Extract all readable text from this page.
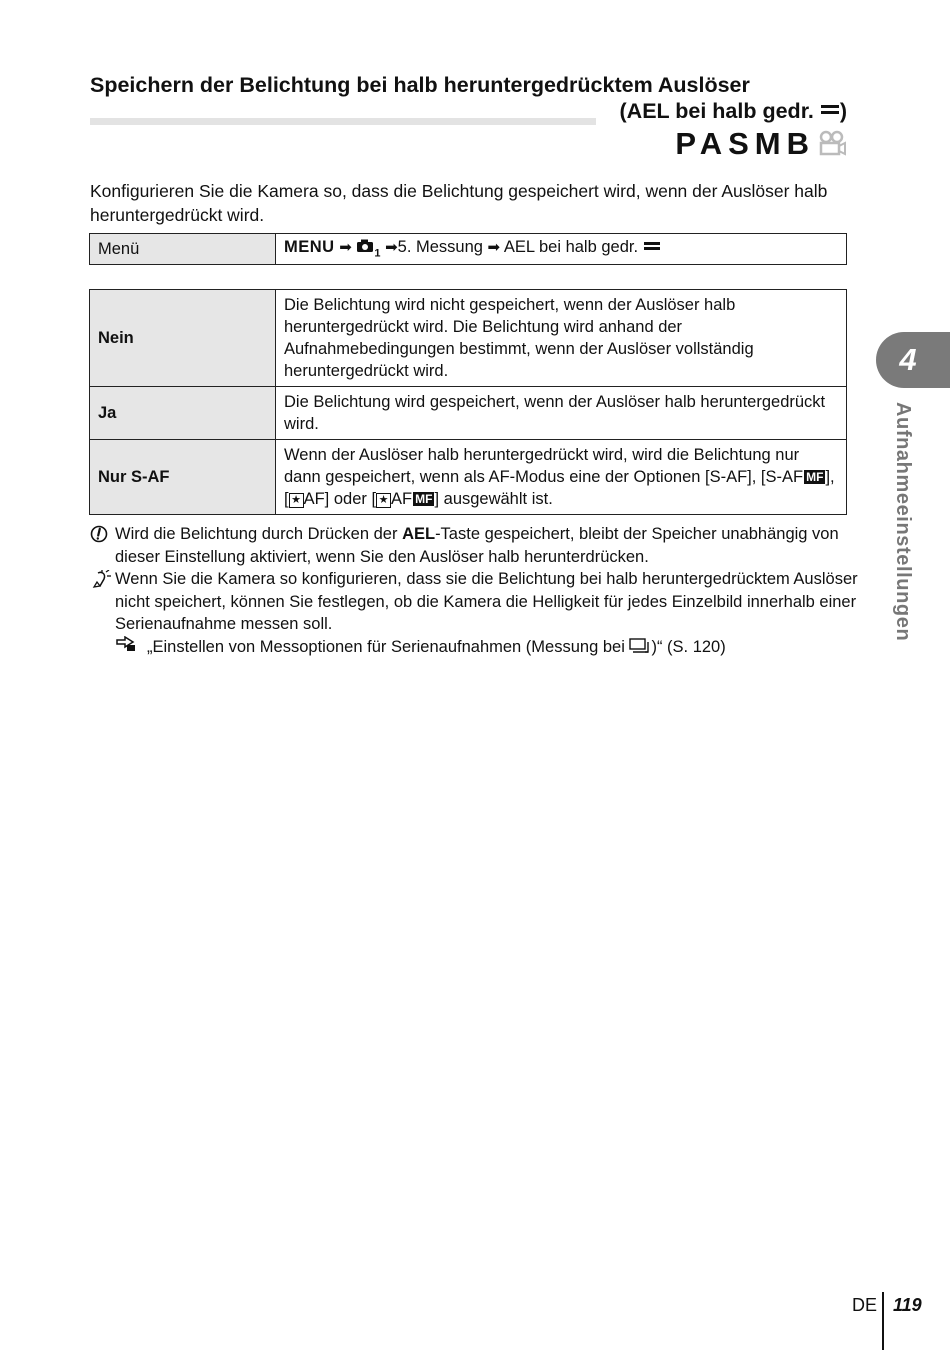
Speichern der Belichtung bei halb heruntergedrücktem Auslöser
(AEL bei halb gedr. )
PASMB
Konfigurieren Sie die Kamera so, dass die Belichtung gespeichert wird, wenn der Auslöser halb heruntergedrückt wird.
Menü	MENU ➡ $_1$ ➡5. Messung ➡ AEL bei halb gedr.
Nein	Die Belichtung wird nicht gespeichert, wenn der Auslöser halb heruntergedrückt wird. Die Belichtung wird anhand der Aufnahmebedingungen bestimmt, wenn der Auslöser vollständig heruntergedrückt wird.
Ja	Die Belichtung wird gespeichert, wenn der Auslöser halb heruntergedrückt wird.
Nur S-AF	Wenn der Auslöser halb heruntergedrückt wird, wird die Belichtung nur dann gespeichert, wenn als AF-Modus eine der Optionen [S-AF], [S-AF MF ], [ ★ AF] oder [ ★ AF MF ] ausgewählt ist.
Wird die Belichtung durch Drücken der AEL-Taste gespeichert, bleibt der Speicher unabhängig von dieser Einstellung aktiviert, wenn Sie den Auslöser halb herunterdrücken.
Wenn Sie die Kamera so konfigurieren, dass sie die Belichtung bei halb heruntergedrücktem Auslöser nicht speichert, können Sie festlegen, ob die Kamera die Helligkeit für jedes Einzelbild innerhalb einer Serienaufnahme messen soll.
„Einstellen von Messoptionen für Serienaufnahmen (Messung bei )“ (S. 120)
4
Aufnahmeeinstellungen
DE 119
